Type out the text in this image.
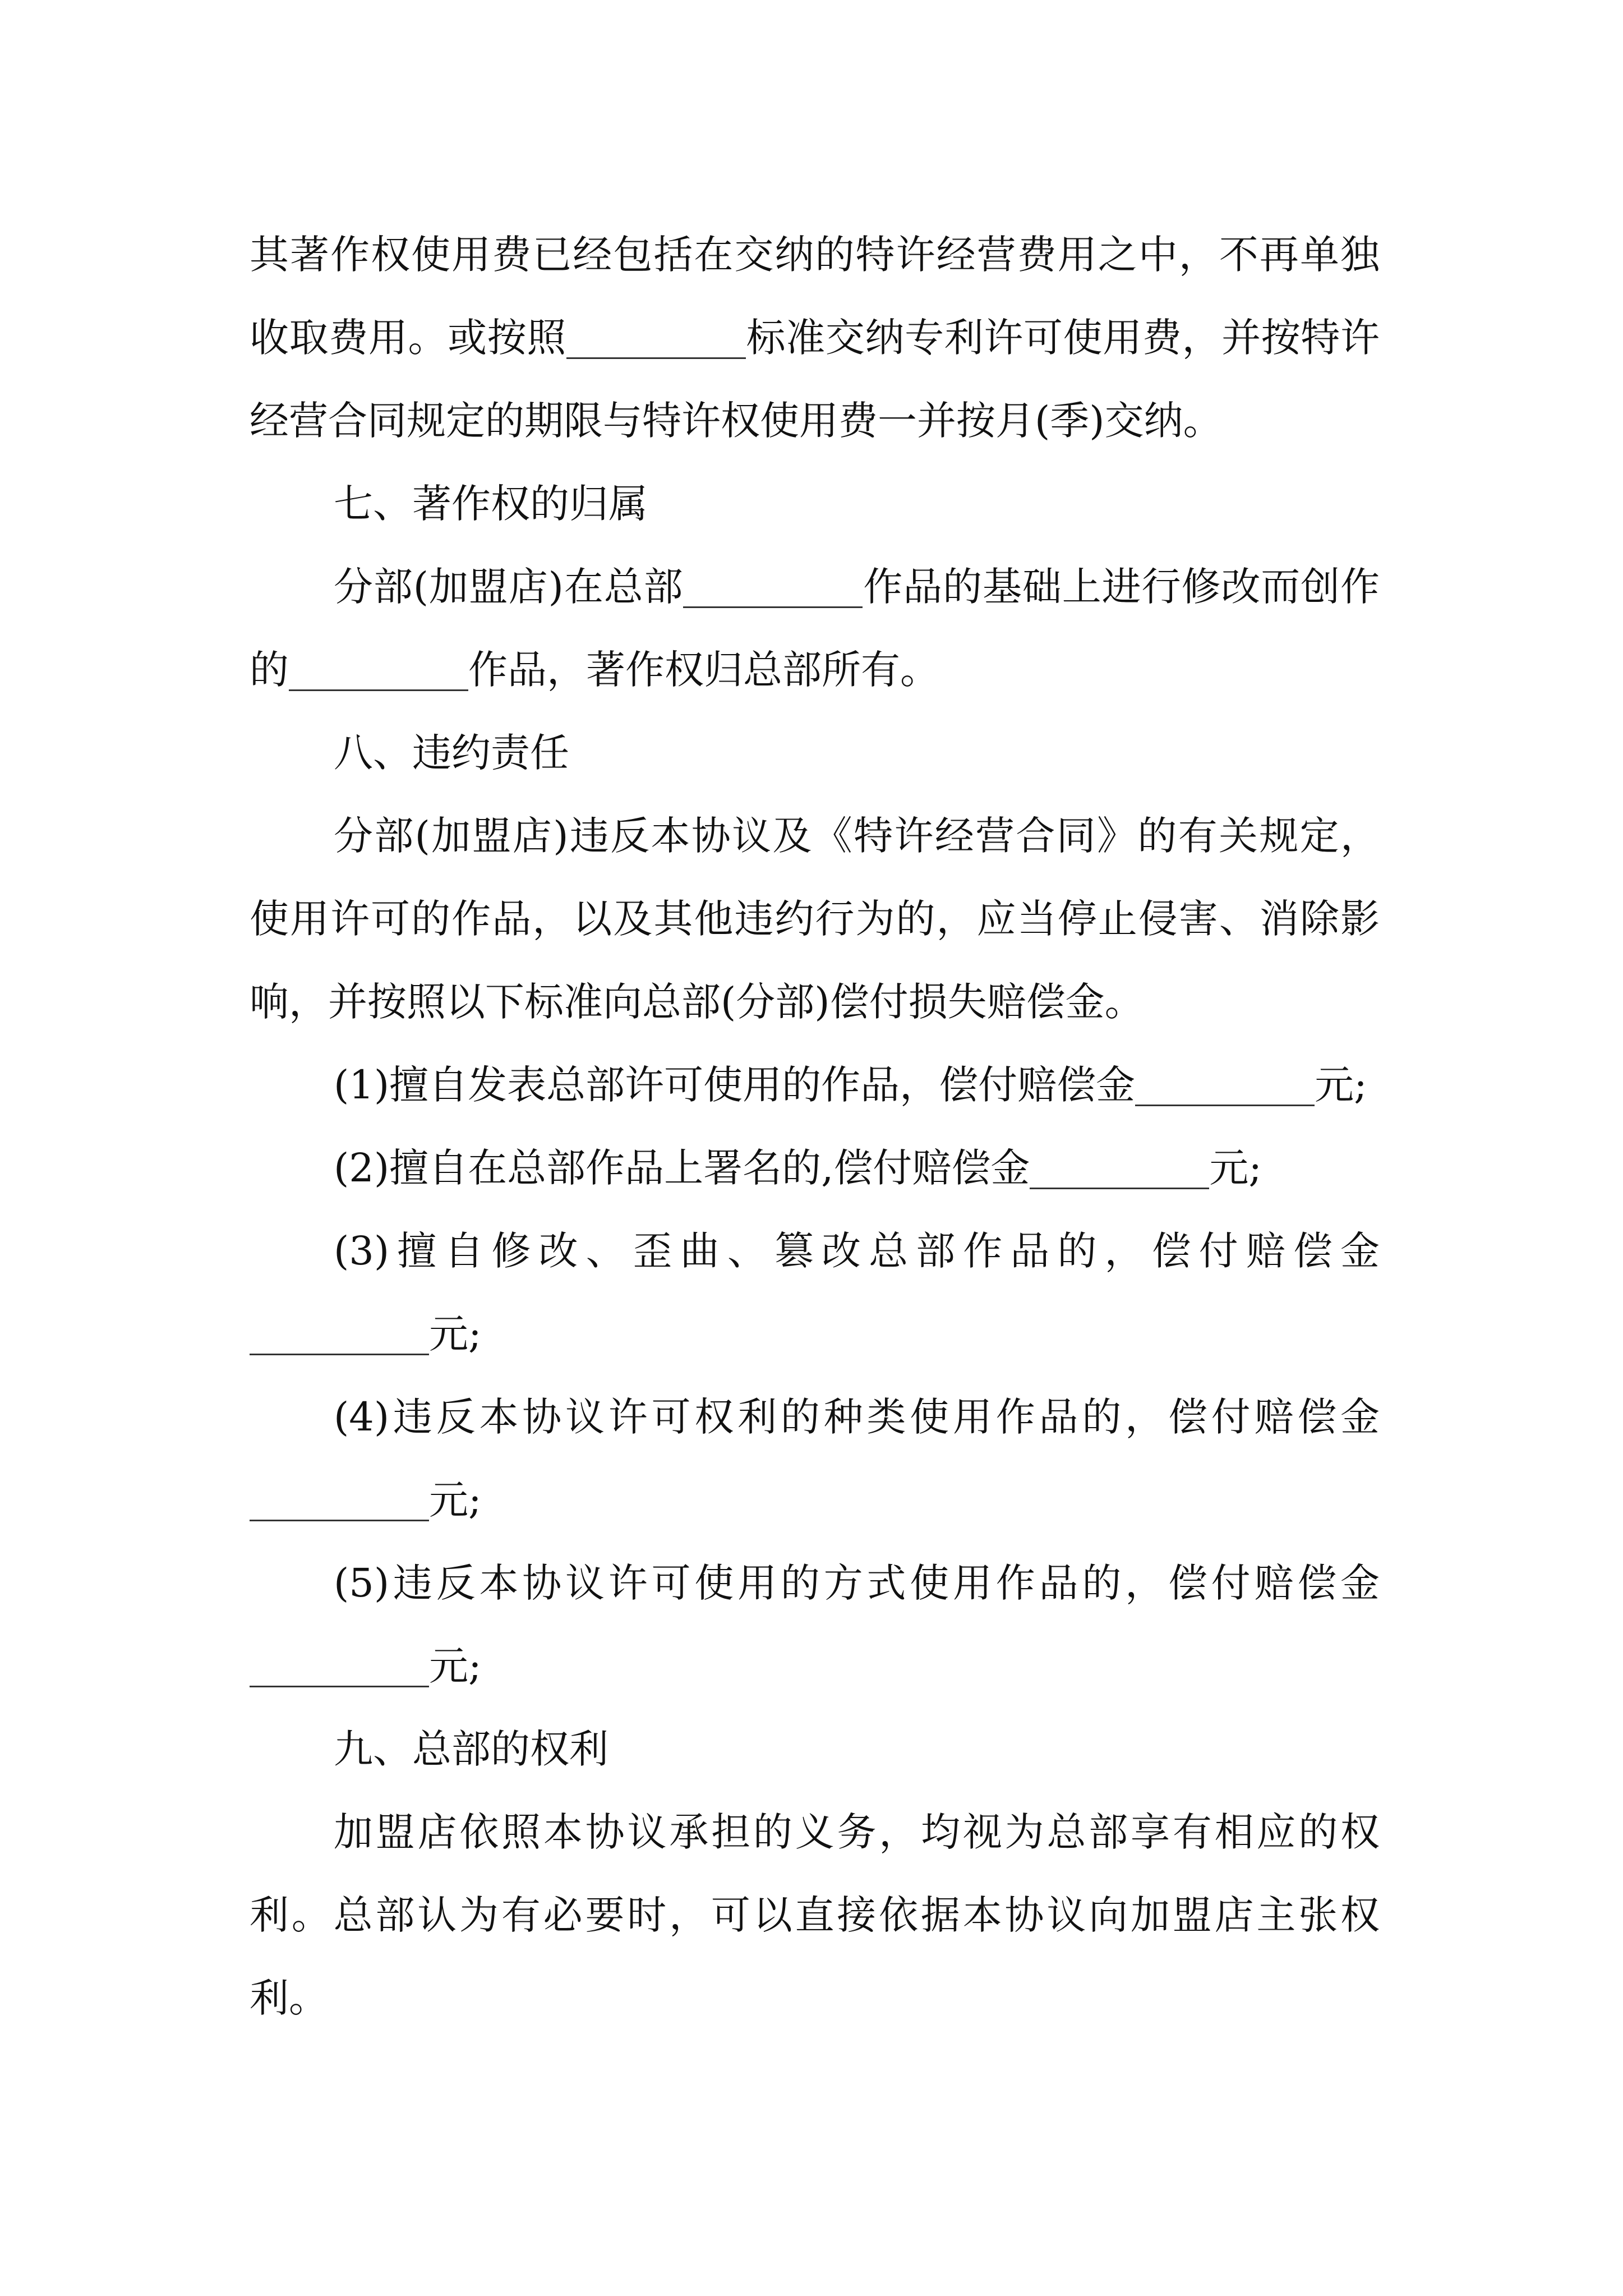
其著作权使用费已经包括在交纳的特许经营费用之中，不再单独收取费用。或按照	标准交纳专利许可使用费，并按特许经营合同规定的期限与特许权使用费一并按月(季)交纳。

七、著作权的归属

分部(加盟店)在总部	作品的基础上进行修改而创作的	作品，著作权归总部所有。

八、违约责任

分部(加盟店)违反本协议及《特许经营合同》的有关规定，使用许可的作品，以及其他违约行为的，应当停止侵害、消除影响，并按照以下标准向总部(分部)偿付损失赔偿金。

(1)擅自发表总部许可使用的作品，偿付赔偿金	元;

(2)擅自在总部作品上署名的,偿付赔偿金	元;

(3)擅自修改、歪曲、篡改总部作品的，偿付赔偿金元;

(4)违反本协议许可权利的种类使用作品的，偿付赔偿金元;

(5)违反本协议许可使用的方式使用作品的，偿付赔偿金元;

九、总部的权利

加盟店依照本协议承担的义务，均视为总部享有相应的权利。总部认为有必要时，可以直接依据本协议向加盟店主张权利。
